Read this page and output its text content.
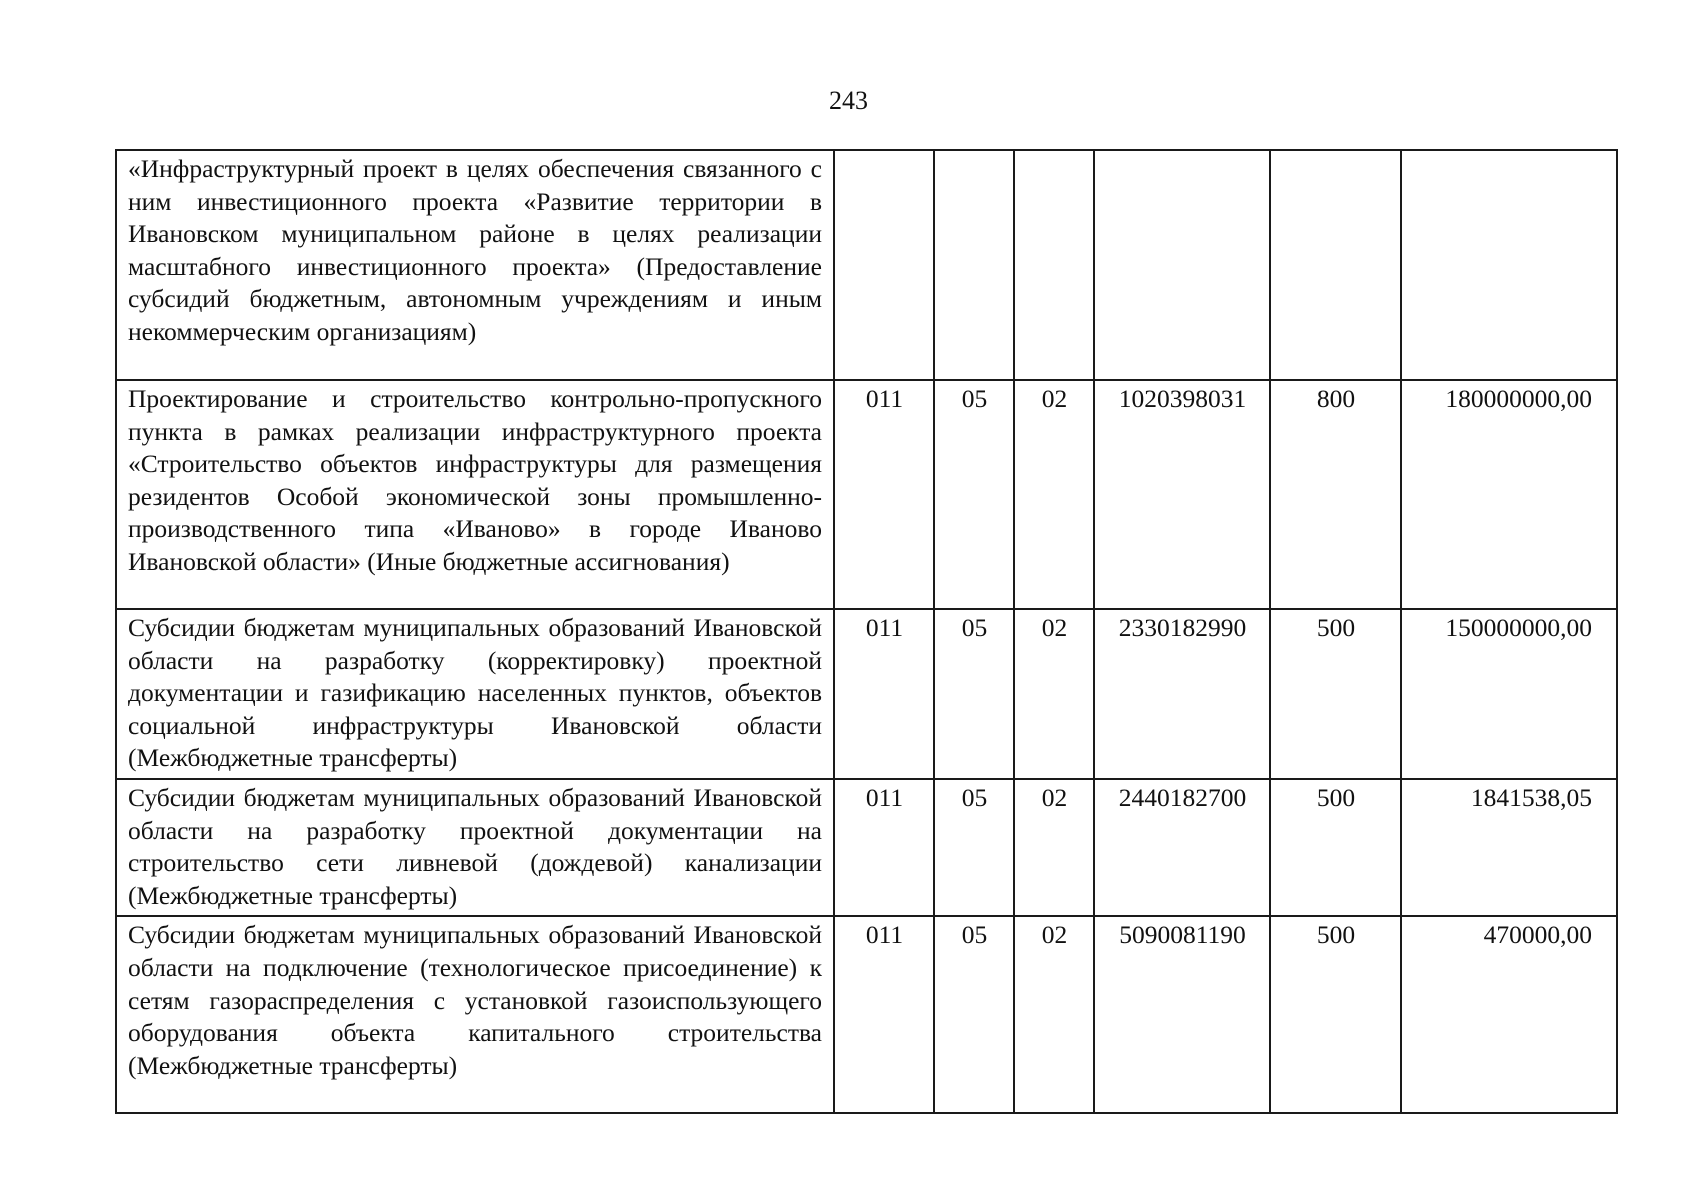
243
«Инфраструктурный проект в целях обеспечения связанного с ним инвестиционного проекта «Развитие территории в Ивановском муниципальном районе в целях реализации масштабного инвестиционного проекта» (Предоставление субсидий бюджетным, автономным учреждениям и иным некоммерческим организациям)						
Проектирование и строительство контрольно-пропускного пункта в рамках реализации инфраструктурного проекта «Строительство объектов инфраструктуры для размещения резидентов Особой экономической зоны промышленно-производственного типа «Иваново» в городе Иваново Ивановской области» (Иные бюджетные ассигнования)	011	05	02	1020398031	800	180000000,00
Субсидии бюджетам муниципальных образований Ивановской области на разработку (корректировку) проектной документации и газификацию населенных пунктов, объектов социальной инфраструктуры Ивановской области (Межбюджетные трансферты)	011	05	02	2330182990	500	150000000,00
Субсидии бюджетам муниципальных образований Ивановской области на разработку проектной документации на строительство сети ливневой (дождевой) канализации (Межбюджетные трансферты)	011	05	02	2440182700	500	1841538,05
Субсидии бюджетам муниципальных образований Ивановской области на подключение (технологическое присоединение) к сетям газораспределения с установкой газоиспользующего оборудования объекта капитального строительства (Межбюджетные трансферты)	011	05	02	5090081190	500	470000,00
